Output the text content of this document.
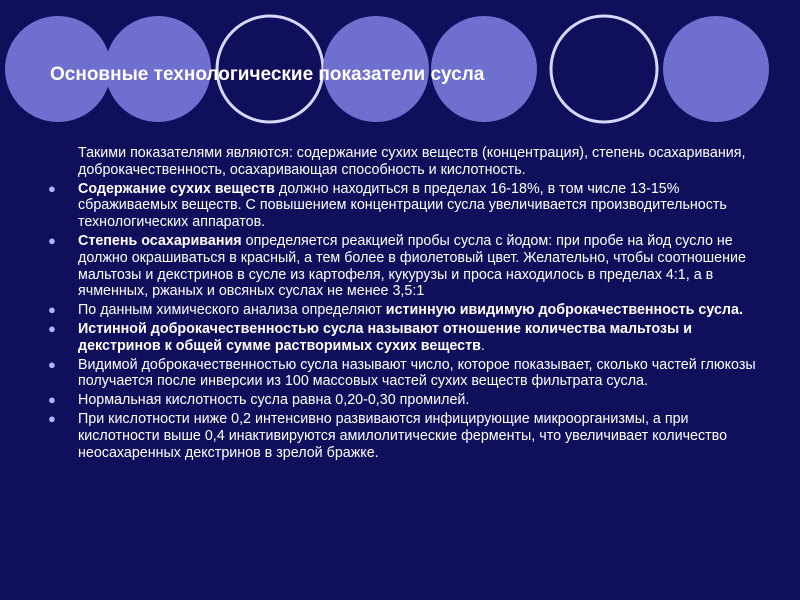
Основные технологические показатели сусла

Такими показателями являются: содержание сухих веществ (концентрация), степень осахаривания, доброкачественность, осахаривающая способность и кислотность.

● Содержание сухих веществ должно находиться в пределах 16-18%, в том числе 13-15% сбраживаемых веществ. С повышением концентрации сусла увеличивается производительность технологических аппаратов.
● Степень осахаривания определяется реакцией пробы сусла с йодом: при пробе на йод сусло не должно окрашиваться в красный, а тем более в фиолетовый цвет. Желательно, чтобы соотношение мальтозы и декстринов в сусле из картофеля, кукурузы и проса находилось в пределах 4:1, а в ячменных, ржаных и овсяных суслах не менее 3,5:1
● По данным химического анализа определяют истинную ивидимую доброкачественность сусла.
● Истинной доброкачественностью сусла называют отношение количества мальтозы и декстринов к общей сумме растворимых сухих веществ.
● Видимой доброкачественностью сусла называют число, которое показывает, сколько частей глюкозы получается после инверсии из 100 массовых частей сухих веществ фильтрата сусла.
● Нормальная кислотность сусла равна 0,20-0,30 промилей.
● При кислотности ниже 0,2 интенсивно развиваются инфицирующие микроорганизмы, а при кислотности выше 0,4 инактивируются амилолитические ферменты, что увеличивает количество неосахаренных декстринов в зрелой бражке.
